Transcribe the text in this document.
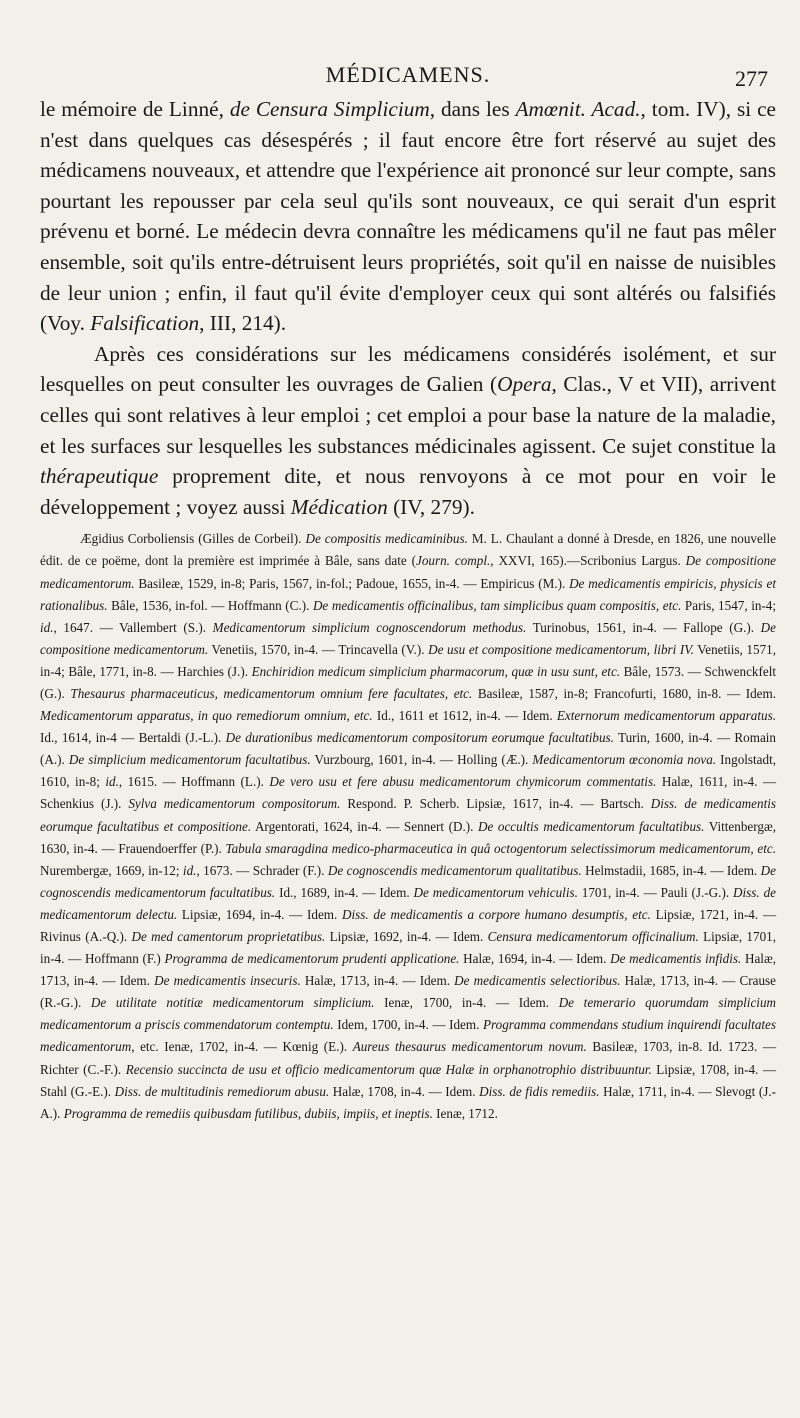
MÉDICAMENS.	277

le mémoire de Linné, de Censura Simplicium, dans les Amœnit. Acad., tom. IV), si ce n'est dans quelques cas désespérés ; il faut encore être fort réservé au sujet des médicamens nouveaux, et attendre que l'expérience ait prononcé sur leur compte, sans pourtant les repousser par cela seul qu'ils sont nouveaux, ce qui serait d'un esprit prévenu et borné. Le médecin devra connaître les médicamens qu'il ne faut pas mêler ensemble, soit qu'ils entre-détruisent leurs propriétés, soit qu'il en naisse de nuisibles de leur union ; enfin, il faut qu'il évite d'employer ceux qui sont altérés ou falsifiés (Voy. Falsification, III, 214).

Après ces considérations sur les médicamens considérés isolément, et sur lesquelles on peut consulter les ouvrages de Galien (Opera, Clas., V et VII), arrivent celles qui sont relatives à leur emploi ; cet emploi a pour base la nature de la maladie, et les surfaces sur lesquelles les substances médicinales agissent. Ce sujet constitue la thérapeutique proprement dite, et nous renvoyons à ce mot pour en voir le développement ; voyez aussi Médication (IV, 279).

Ægidius Corboliensis (Gilles de Corbeil). De compositis medicaminibus. M. L. Chaulant a donné à Dresde, en 1826, une nouvelle édit. de ce poëme, dont la première est imprimée à Bâle, sans date (Journ. compl., XXVI, 165).—Scribonius Largus. De compositione medicamentorum. Basileæ, 1529, in-8; Paris, 1567, in-fol.; Padoue, 1655, in-4. — Empiricus (M.). De medicamentis empiricis, physicis et rationalibus. Bâle, 1536, in-fol. — Hoffmann (C.). De medicamentis officinalibus, tam simplicibus quam compositis, etc. Paris, 1547, in-4; id., 1647. — Vallembert (S.). Medicamentorum simplicium cognoscendorum methodus. Turinobus, 1561, in-4. — Fallope (G.). De compositione medicamentorum. Venetiis, 1570, in-4. — Trincavella (V.). De usu et compositione medicamentorum, libri IV. Venetiis, 1571, in-4; Bâle, 1771, in-8. — Harchies (J.). Enchiridion medicum simplicium pharmacorum, quæ in usu sunt, etc. Bâle, 1573. — Schwenckfelt (G.). Thesaurus pharmaceuticus, medicamentorum omnium fere facultates, etc. Basileæ, 1587, in-8; Francofurti, 1680, in-8. — Idem. Medicamentorum apparatus, in quo remediorum omnium, etc. Id., 1611 et 1612, in-4. — Idem. Externorum medicamentorum apparatus. Id., 1614, in-4 — Bertaldi (J.-L.). De durationibus medicamentorum compositorum eorumque facultatibus. Turin, 1600, in-4. — Romain (A.). De simplicium medicamentorum facultatibus. Vurzbourg, 1601, in-4. — Holling (Æ.). Medicamentorum œconomia nova. Ingolstadt, 1610, in-8; id., 1615. — Hoffmann (L.). De vero usu et fere abusu medicamentorum chymicorum commentatis. Halæ, 1611, in-4. — Schenkius (J.). Sylva medicamentorum compositorum. Respond. P. Scherb. Lipsiæ, 1617, in-4. — Bartsch. Diss. de medicamentis eorumque facultatibus et compositione. Argentorati, 1624, in-4. — Sennert (D.). De occultis medicamentorum facultatibus. Vittenbergæ, 1630, in-4. — Frauendoerffer (P.). Tabula smaragdina medico-pharmaceutica in quâ octogentorum selectissimorum medicamentorum, etc. Nurembergæ, 1669, in-12; id., 1673. — Schrader (F.). De cognoscendis medicamentorum qualitatibus. Helmstadii, 1685, in-4. — Idem. De cognoscendis medicamentorum facultatibus. Id., 1689, in-4. — Idem. De medicamentorum vehiculis. 1701, in-4. — Pauli (J.-G.). Diss. de medicamentorum delectu. Lipsiæ, 1694, in-4. — Idem. Diss. de medicamentis a corpore humano desumptis, etc. Lipsiæ, 1721, in-4. — Rivinus (A.-Q.). De med camentorum proprietatibus. Lipsiæ, 1692, in-4. — Idem. Censura medicamentorum officinalium. Lipsiæ, 1701, in-4. — Hoffmann (F.) Programma de medicamentorum prudenti applicatione. Halæ, 1694, in-4. — Idem. De medicamentis infidis. Halæ, 1713, in-4. — Idem. De medicamentis insecuris. Halæ, 1713, in-4. — Idem. De medicamentis selectioribus. Halæ, 1713, in-4. — Crause (R.-G.). De utilitate notitiæ medicamentorum simplicium. Ienæ, 1700, in-4. — Idem. De temerario quorumdam simplicium medicamentorum a priscis commendatorum contemptu. Idem, 1700, in-4. — Idem. Programma commendans studium inquirendi facultates medicamentorum, etc. Ienæ, 1702, in-4. — Kœnig (E.). Aureus thesaurus medicamentorum novum. Basileæ, 1703, in-8. Id. 1723. — Richter (C.-F.). Recensio succincta de usu et officio medicamentorum quæ Halæ in orphanotrophio distribuuntur. Lipsiæ, 1708, in-4. — Stahl (G.-E.). Diss. de multitudinis remediorum abusu. Halæ, 1708, in-4. — Idem. Diss. de fidis remediis. Halæ, 1711, in-4. — Slevogt (J.-A.). Programma de remediis quibusdam futilibus, dubiis, impiis, et ineptis. Ienæ, 1712.
